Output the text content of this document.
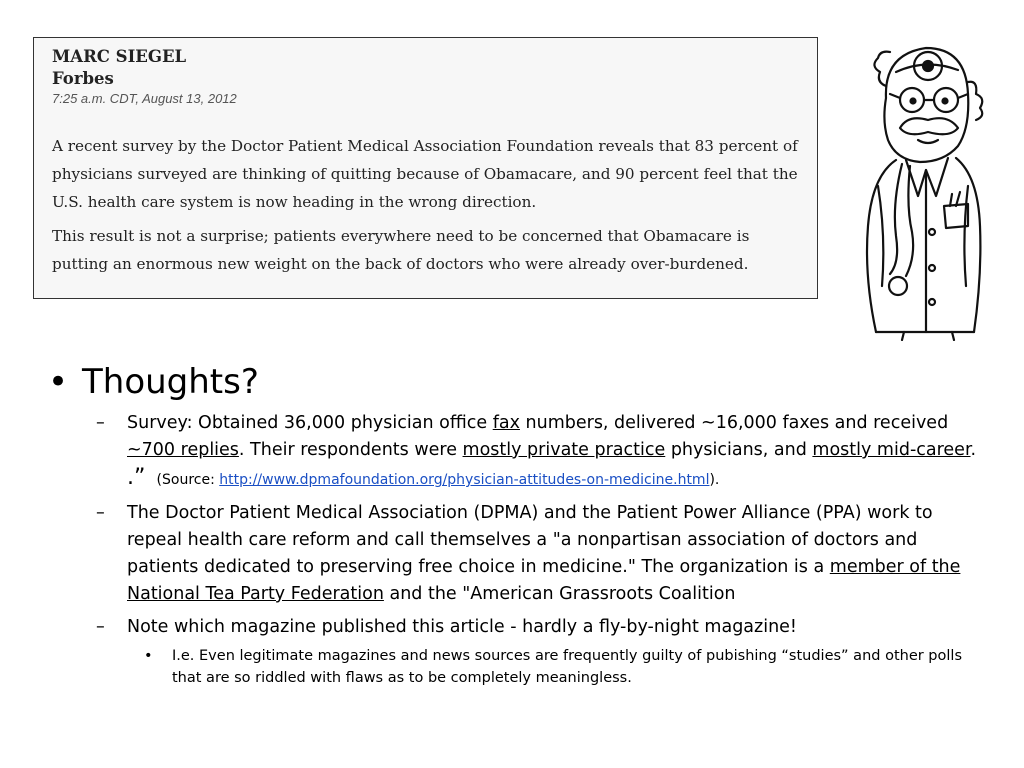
MARC SIEGEL
Forbes
7:25 a.m. CDT, August 13, 2012
A recent survey by the Doctor Patient Medical Association Foundation reveals that 83 percent of physicians surveyed are thinking of quitting because of Obamacare, and 90 percent feel that the U.S. health care system is now heading in the wrong direction.
This result is not a surprise; patients everywhere need to be concerned that Obamacare is putting an enormous new weight on the back of doctors who were already over-burdened.
• Thoughts?
– Survey: Obtained 36,000 physician office fax numbers, delivered ~16,000 faxes and received ~700 replies. Their respondents were mostly private practice physicians, and mostly mid-career. .” (Source: http://www.dpmafoundation.org/physician-attitudes-on-medicine.html).
– The Doctor Patient Medical Association (DPMA) and the Patient Power Alliance (PPA) work to repeal health care reform and call themselves a "a nonpartisan association of doctors and patients dedicated to preserving free choice in medicine." The organization is a member of the National Tea Party Federation and the "American Grassroots Coalition
– Note which magazine published this article - hardly a fly-by-night magazine!
• I.e. Even legitimate magazines and news sources are frequently guilty of pubishing “studies” and other polls that are so riddled with flaws as to be completely meaningless.
